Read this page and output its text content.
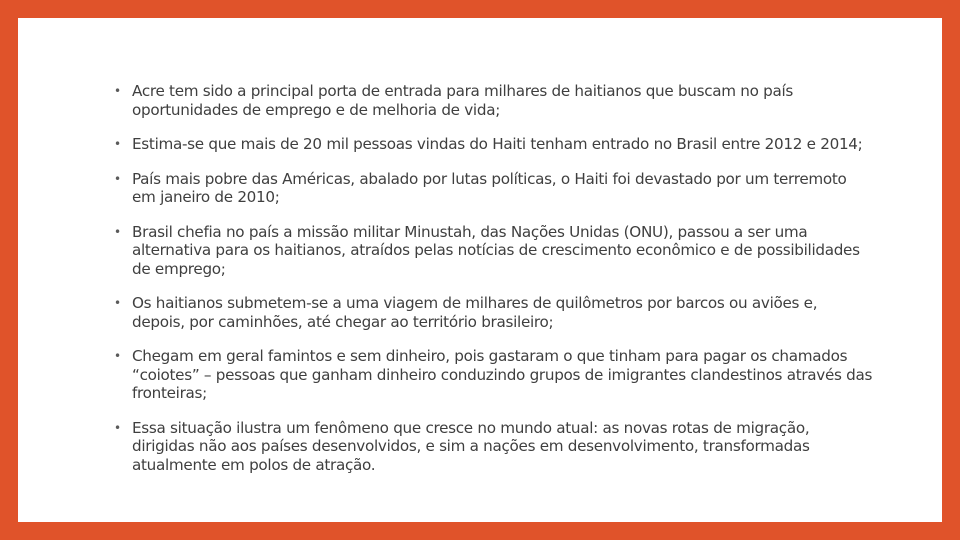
• Acre tem sido a principal porta de entrada para milhares de haitianos que buscam no país oportunidades de emprego e de melhoria de vida;
• Estima-se que mais de 20 mil pessoas vindas do Haiti tenham entrado no Brasil entre 2012 e 2014;
• País mais pobre das Américas, abalado por lutas políticas, o Haiti foi devastado por um terremoto em janeiro de 2010;
• Brasil chefia no país a missão militar Minustah, das Nações Unidas (ONU), passou a ser uma alternativa para os haitianos, atraídos pelas notícias de crescimento econômico e de possibilidades de emprego;
• Os haitianos submetem-se a uma viagem de milhares de quilômetros por barcos ou aviões e, depois, por caminhões, até chegar ao território brasileiro;
• Chegam em geral famintos e sem dinheiro, pois gastaram o que tinham para pagar os chamados “coiotes” – pessoas que ganham dinheiro conduzindo grupos de imigrantes clandestinos através das fronteiras;
• Essa situação ilustra um fenômeno que cresce no mundo atual: as novas rotas de migração, dirigidas não aos países desenvolvidos, e sim a nações em desenvolvimento, transformadas atualmente em polos de atração.
